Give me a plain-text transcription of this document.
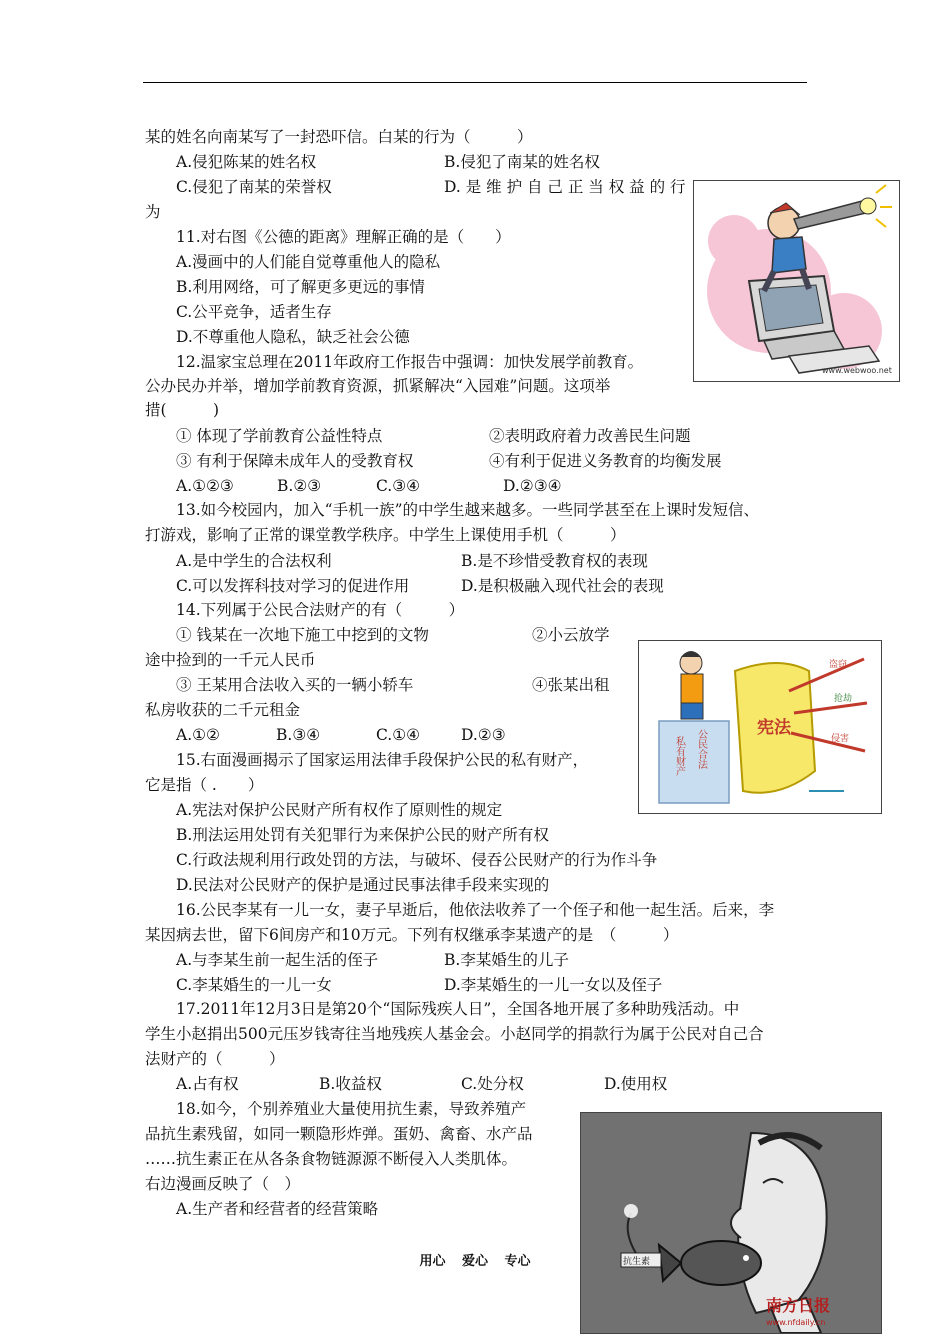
某的姓名向南某写了一封恐吓信。白某的行为（　　　）
A.侵犯陈某的姓名权	B.侵犯了南某的姓名权
C.侵犯了南某的荣誉权	D. 是 维 护 自 己 正 当 权 益 的 行
为
11.对右图《公德的距离》理解正确的是（　　）
A.漫画中的人们能自觉尊重他人的隐私
B.利用网络，可了解更多更远的事情
C.公平竞争，适者生存
D.不尊重他人隐私，缺乏社会公德
12.温家宝总理在2011年政府工作报告中强调：加快发展学前教育。
公办民办并举，增加学前教育资源，抓紧解决“入园难”问题。这项举
措(　　　)
① 体现了学前教育公益性特点	②表明政府着力改善民生问题
③ 有利于保障未成年人的受教育权	④有利于促进义务教育的均衡发展
A.①②③	B.②③	C.③④	D.②③④
13.如今校园内，加入“手机一族”的中学生越来越多。一些同学甚至在上课时发短信、
打游戏，影响了正常的课堂教学秩序。中学生上课使用手机（　　　）
A.是中学生的合法权利	B.是不珍惜受教育权的表现
C.可以发挥科技对学习的促进作用	D.是积极融入现代社会的表现
14.下列属于公民合法财产的有（　　　）
① 钱某在一次地下施工中挖到的文物	②小云放学
途中捡到的一千元人民币
③ 王某用合法收入买的一辆小轿车	④张某出租
私房收获的二千元租金
A.①②	B.③④	C.①④	D.②③
15.右面漫画揭示了国家运用法律手段保护公民的私有财产，
它是指（ .　　）
A.宪法对保护公民财产所有权作了原则性的规定
B.刑法运用处罚有关犯罪行为来保护公民的财产所有权
C.行政法规利用行政处罚的方法，与破坏、侵吞公民财产的行为作斗争
D.民法对公民财产的保护是通过民事法律手段来实现的
16.公民李某有一儿一女，妻子早逝后，他依法收养了一个侄子和他一起生活。后来，李
某因病去世，留下6间房产和10万元。下列有权继承李某遗产的是　（　　　）
A.与李某生前一起生活的侄子	B.李某婚生的儿子
C.李某婚生的一儿一女	D.李某婚生的一儿一女以及侄子
17.2011年12月3日是第20个“国际残疾人日”，全国各地开展了多种助残活动。中
学生小赵捐出500元压岁钱寄往当地残疾人基金会。小赵同学的捐款行为属于公民对自己合
法财产的（　　　）
A.占有权	B.收益权	C.处分权	D.使用权
18.如今，个别养殖业大量使用抗生素，导致养殖产
品抗生素残留，如同一颗隐形炸弹。蛋奶、禽畜、水产品
……抗生素正在从各条食物链源源不断侵入人类肌体。
右边漫画反映了（　）
A.生产者和经营者的经营策略
www.webwoo.net
私有财产 公民合法
宪法
盗窃
抢劫
侵害
抗生素
南方日报
www.nfdaily.cn
用心 爱心 专心
